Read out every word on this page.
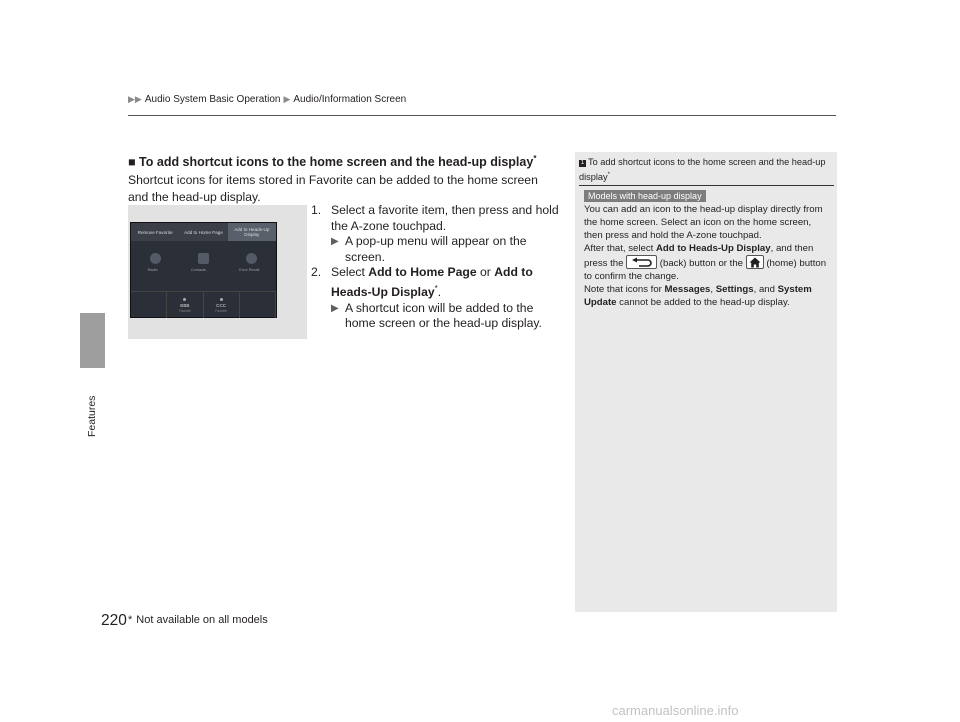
Features
▶▶ Audio System Basic Operation ▶ Audio/Information Screen
■ To add shortcut icons to the home screen and the head-up display*
Shortcut icons for items stored in Favorite can be added to the home screen and the head-up display.
Remove Favorite	Add to Home Page	Add to Heads-Up Display
Radio	Contacts	Error Recall
BBB
Favorite
CCC
Favorite
1. Select a favorite item, then press and hold the A-zone touchpad.
▶ A pop-up menu will appear on the screen.
2. Select Add to Home Page or Add to Heads-Up Display*.
▶ A shortcut icon will be added to the home screen or the head-up display.
1 To add shortcut icons to the home screen and the head-up display*
Models with head-up display
You can add an icon to the head-up display directly from the home screen. Select an icon on the home screen, then press and hold the A-zone touchpad.
After that, select Add to Heads-Up Display, and then press the	(back) button or the
(home) button to confirm the change.
Note that icons for Messages, Settings, and System Update cannot be added to the head-up display.
220 * Not available on all models
carmanualsonline.info
